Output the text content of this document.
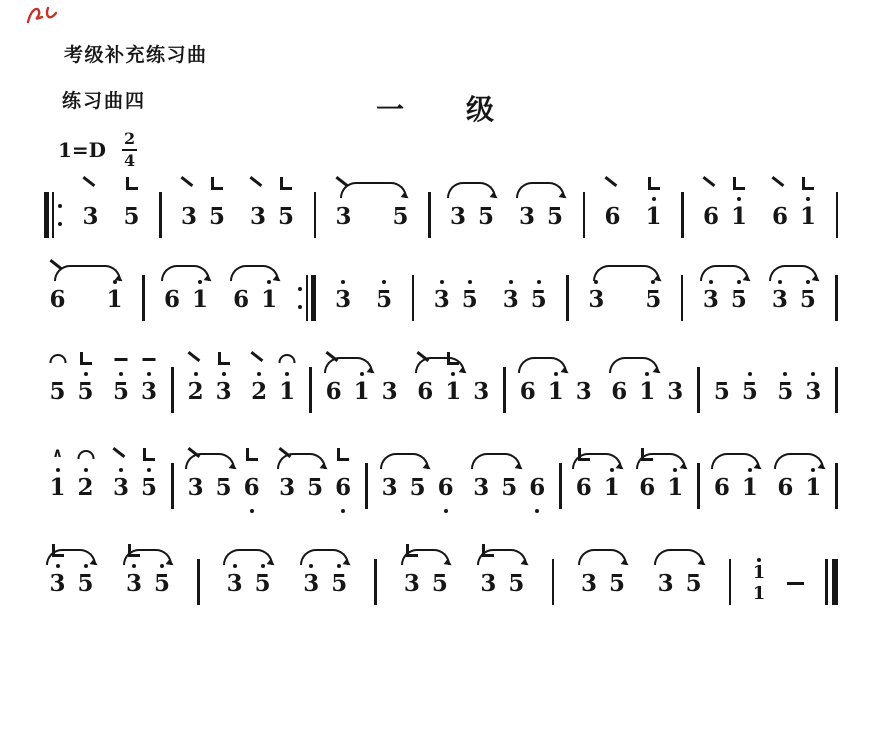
考级补充练习曲
练习曲四	一　　级
$1=D \frac{2}{4}$
3 5 3 5 3 5 3 5 3 5 3 5 6 1 6 1 6 1
6 1 6 1 6 1	3 5 3 5 3 5 3 5 3 5 3 5
5 5 5 3 2 3 2 1 6 1 3 6 1 3 6 1 3 6 1 3 5 5 5 3
1
∧
2 3 5 3 5 6 3 5 6 3 5 6 3 5 6 6 1 6 1 6 1 6 1
3 5 3 5 3 5 3 5 3 5 3 5 3 5 3 5	1
1
